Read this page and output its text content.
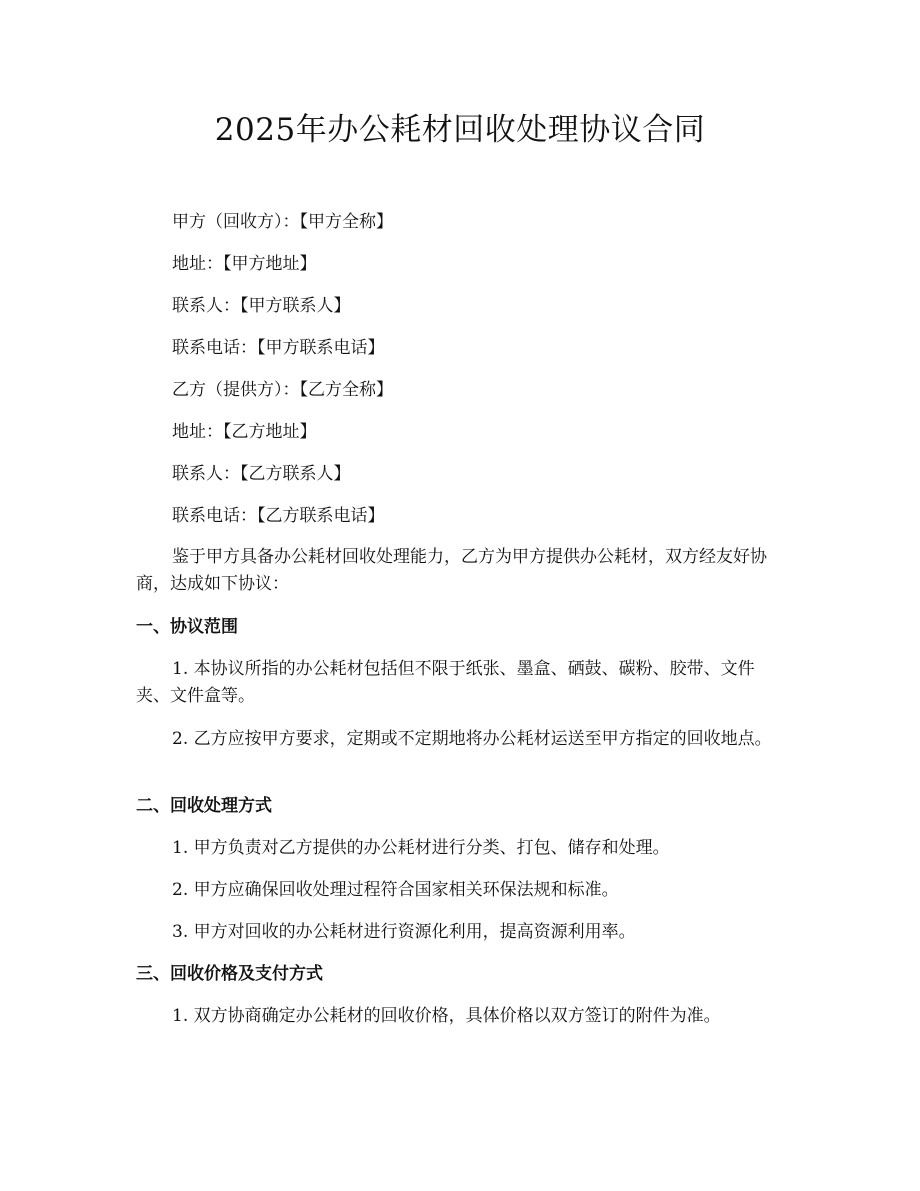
2025年办公耗材回收处理协议合同

甲方（回收方）：【甲方全称】

地址：【甲方地址】

联系人：【甲方联系人】

联系电话：【甲方联系电话】

乙方（提供方）：【乙方全称】

地址：【乙方地址】

联系人：【乙方联系人】

联系电话：【乙方联系电话】

鉴于甲方具备办公耗材回收处理能力，乙方为甲方提供办公耗材，双方经友好协商，达成如下协议：

一、协议范围

1. 本协议所指的办公耗材包括但不限于纸张、墨盒、硒鼓、碳粉、胶带、文件夹、文件盒等。

2. 乙方应按甲方要求，定期或不定期地将办公耗材运送至甲方指定的回收地点。

二、回收处理方式

1. 甲方负责对乙方提供的办公耗材进行分类、打包、储存和处理。

2. 甲方应确保回收处理过程符合国家相关环保法规和标准。

3. 甲方对回收的办公耗材进行资源化利用，提高资源利用率。

三、回收价格及支付方式

1. 双方协商确定办公耗材的回收价格，具体价格以双方签订的附件为准。
